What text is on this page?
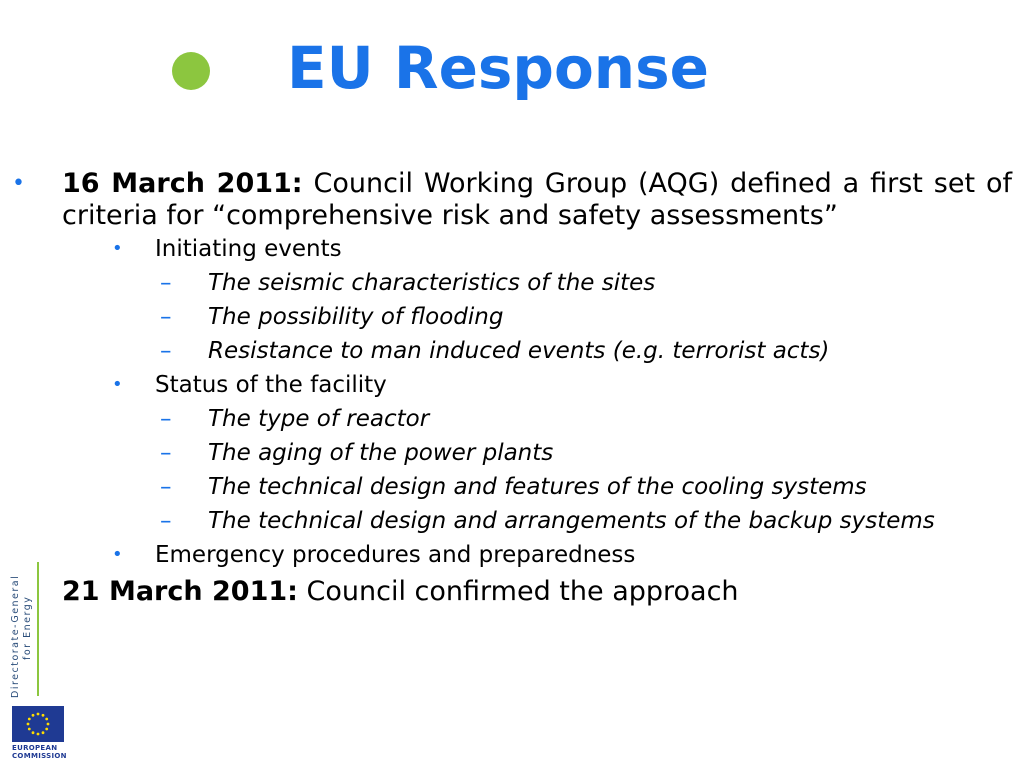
EU Response
• 16 March 2011: Council Working Group (AQG) defined a first set of criteria for “comprehensive risk and safety assessments”
• Initiating events
– The seismic characteristics of the sites
– The possibility of flooding
– Resistance to man induced events (e.g. terrorist acts)
• Status of the facility
– The type of reactor
– The aging of the power plants
– The technical design and features of the cooling systems
– The technical design and arrangements of the backup systems
• Emergency procedures and preparedness
21 March 2011: Council confirmed the approach
Directorate-General for Energy
EUROPEAN
COMMISSION
